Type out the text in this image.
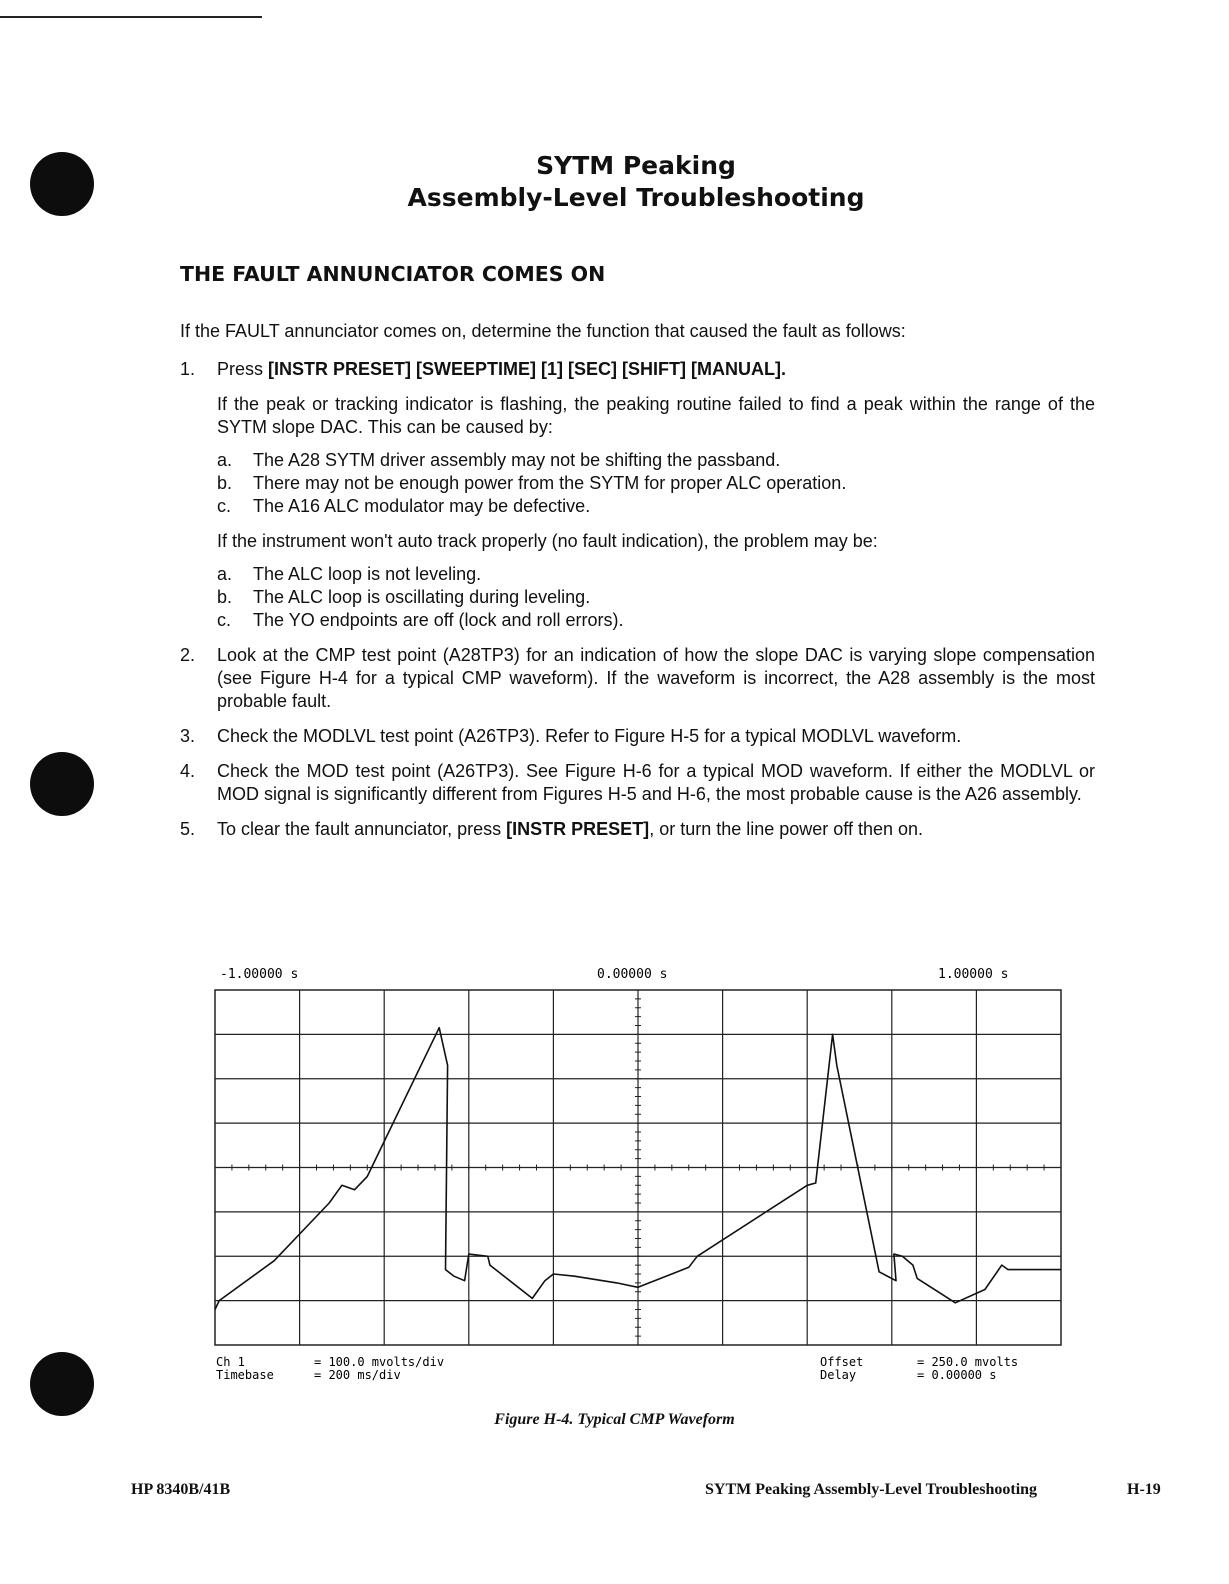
SYTM Peaking
Assembly-Level Troubleshooting
THE FAULT ANNUNCIATOR COMES ON
If the FAULT annunciator comes on, determine the function that caused the fault as follows:
1. Press [INSTR PRESET] [SWEEPTIME] [1] [SEC] [SHIFT] [MANUAL].
If the peak or tracking indicator is flashing, the peaking routine failed to find a peak within the range of the SYTM slope DAC. This can be caused by:
a. The A28 SYTM driver assembly may not be shifting the passband.
b. There may not be enough power from the SYTM for proper ALC operation.
c. The A16 ALC modulator may be defective.
If the instrument won't auto track properly (no fault indication), the problem may be:
a. The ALC loop is not leveling.
b. The ALC loop is oscillating during leveling.
c. The YO endpoints are off (lock and roll errors).
2. Look at the CMP test point (A28TP3) for an indication of how the slope DAC is varying slope compensation (see Figure H-4 for a typical CMP waveform). If the waveform is incorrect, the A28 assembly is the most probable fault.
3. Check the MODLVL test point (A26TP3). Refer to Figure H-5 for a typical MODLVL waveform.
4. Check the MOD test point (A26TP3). See Figure H-6 for a typical MOD waveform. If either the MODLVL or MOD signal is significantly different from Figures H-5 and H-6, the most probable cause is the A26 assembly.
5. To clear the fault annunciator, press [INSTR PRESET], or turn the line power off then on.
-1.00000 s	0.00000 s	1.00000 s
Ch 1	= 100.0 mvolts/div
Timebase	= 200 ms/div
Offset	= 250.0 mvolts
Delay	= 0.00000 s
Figure H-4. Typical CMP Waveform
HP 8340B/41B	SYTM Peaking Assembly-Level Troubleshooting	H-19
